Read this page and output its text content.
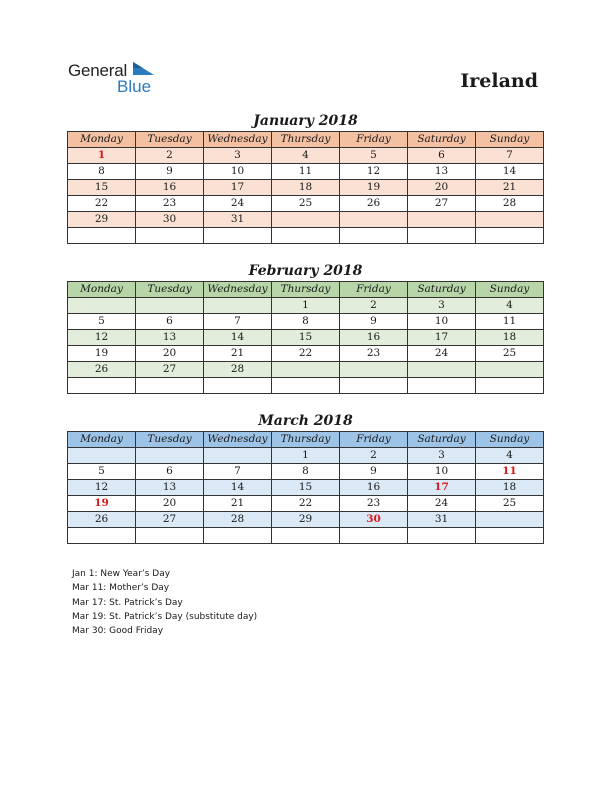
General
Blue	Ireland
January 2018
Monday	Tuesday	Wednesday	Thursday	Friday	Saturday	Sunday
1	2	3	4	5	6	7
8	9	10	11	12	13	14
15	16	17	18	19	20	21
22	23	24	25	26	27	28
29	30	31				

February 2018
Monday	Tuesday	Wednesday	Thursday	Friday	Saturday	Sunday
			1	2	3	4
5	6	7	8	9	10	11
12	13	14	15	16	17	18
19	20	21	22	23	24	25
26	27	28				

March 2018
Monday	Tuesday	Wednesday	Thursday	Friday	Saturday	Sunday
			1	2	3	4
5	6	7	8	9	10	11
12	13	14	15	16	17	18
19	20	21	22	23	24	25
26	27	28	29	30	31	

Jan 1: New Year’s Day
Mar 11: Mother’s Day
Mar 17: St. Patrick’s Day
Mar 19: St. Patrick’s Day (substitute day)
Mar 30: Good Friday
